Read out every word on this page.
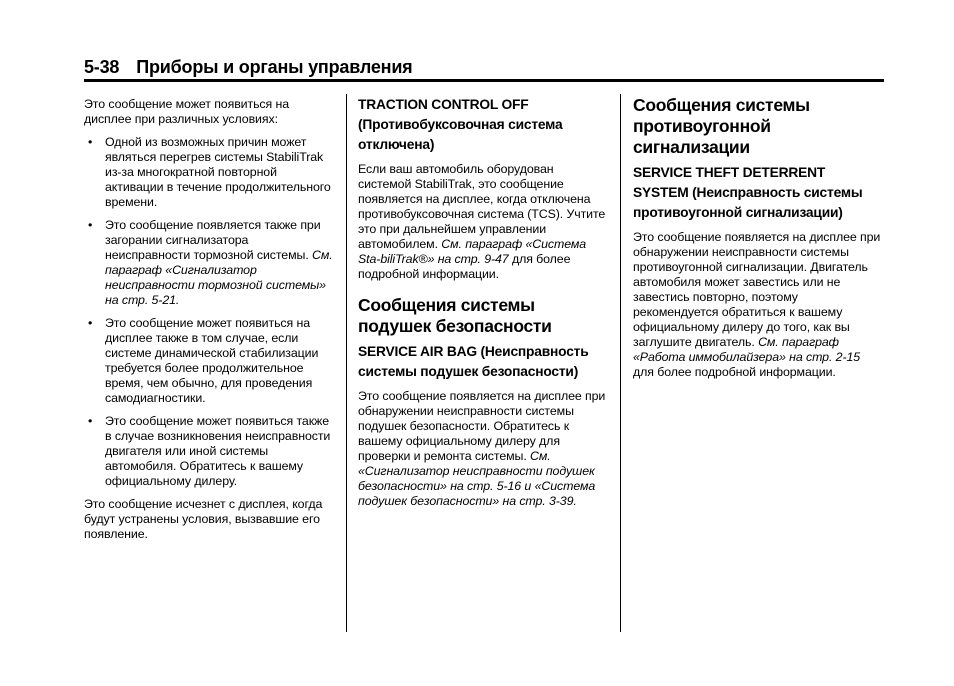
5-38 Приборы и органы управления

Это сообщение может появиться на дисплее при различных условиях:

• Одной из возможных причин может являться перегрев системы StabiliTrak из-за многократной повторной активации в течение продолжительного времени.
• Это сообщение появляется также при загорании сигнализатора неисправности тормозной системы. См. параграф «Сигнализатор неисправности тормозной системы» на стр. 5-21.
• Это сообщение может появиться на дисплее также в том случае, если системе динамической стабилизации требуется более продолжительное время, чем обычно, для проведения самодиагностики.
• Это сообщение может появиться также в случае возникновения неисправности двигателя или иной системы автомобиля. Обратитесь к вашему официальному дилеру.

Это сообщение исчезнет с дисплея, когда будут устранены условия, вызвавшие его появление.

TRACTION CONTROL OFF (Противобуксовочная система отключена)

Если ваш автомобиль оборудован системой StabiliTrak, это сообщение появляется на дисплее, когда отключена противобуксовочная система (TCS). Учтите это при дальнейшем управлении автомобилем. См. параграф «Система Sta-biliTrak®» на стр. 9-47 для более подробной информации.

Сообщения системы подушек безопасности
SERVICE AIR BAG (Неисправность системы подушек безопасности)

Это сообщение появляется на дисплее при обнаружении неисправности системы подушек безопасности. Обратитесь к вашему официальному дилеру для проверки и ремонта системы. См. «Сигнализатор неисправности подушек безопасности» на стр. 5-16 и «Система подушек безопасности» на стр. 3-39.

Сообщения системы противоугонной сигнализации
SERVICE THEFT DETERRENT SYSTEM (Неисправность системы противоугонной сигнализации)

Это сообщение появляется на дисплее при обнаружении неисправности системы противоугонной сигнализации. Двигатель автомобиля может завестись или не завестись повторно, поэтому рекомендуется обратиться к вашему официальному дилеру до того, как вы заглушите двигатель. См. параграф «Работа иммобилайзера» на стр. 2-15 для более подробной информации.
